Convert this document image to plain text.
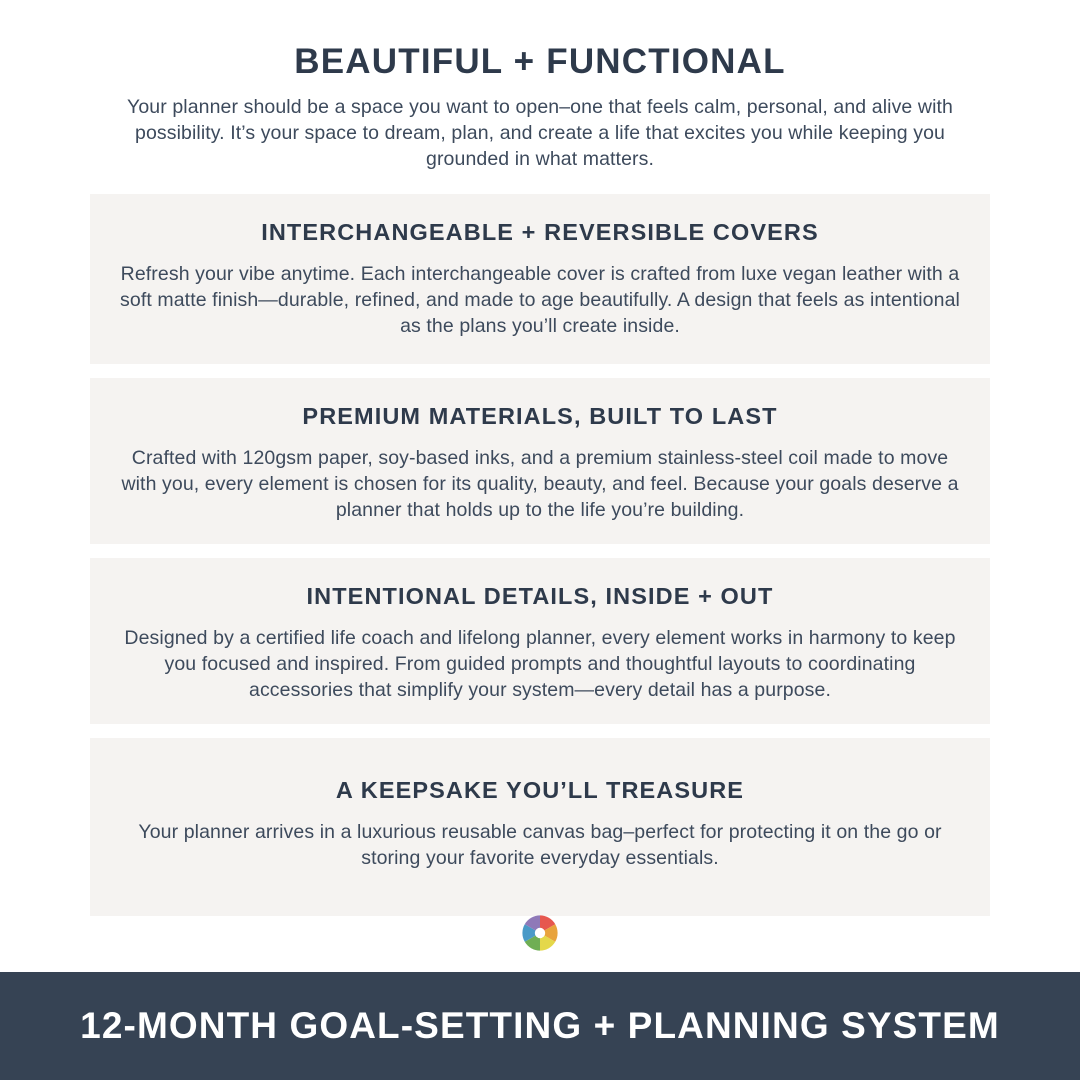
BEAUTIFUL + FUNCTIONAL
Your planner should be a space you want to open–one that feels calm, personal, and alive with possibility. It’s your space to dream, plan, and create a life that excites you while keeping you grounded in what matters.
INTERCHANGEABLE + REVERSIBLE COVERS
Refresh your vibe anytime. Each interchangeable cover is crafted from luxe vegan leather with a soft matte finish—durable, refined, and made to age beautifully. A design that feels as intentional as the plans you’ll create inside.
PREMIUM MATERIALS, BUILT TO LAST
Crafted with 120gsm paper, soy-based inks, and a premium stainless-steel coil made to move with you, every element is chosen for its quality, beauty, and feel. Because your goals deserve a planner that holds up to the life you’re building.
INTENTIONAL DETAILS, INSIDE + OUT
Designed by a certified life coach and lifelong planner, every element works in harmony to keep you focused and inspired. From guided prompts and thoughtful layouts to coordinating accessories that simplify your system—every detail has a purpose.
A KEEPSAKE YOU’LL TREASURE
Your planner arrives in a luxurious reusable canvas bag–perfect for protecting it on the go or storing your favorite everyday essentials.
12-MONTH GOAL-SETTING + PLANNING SYSTEM
